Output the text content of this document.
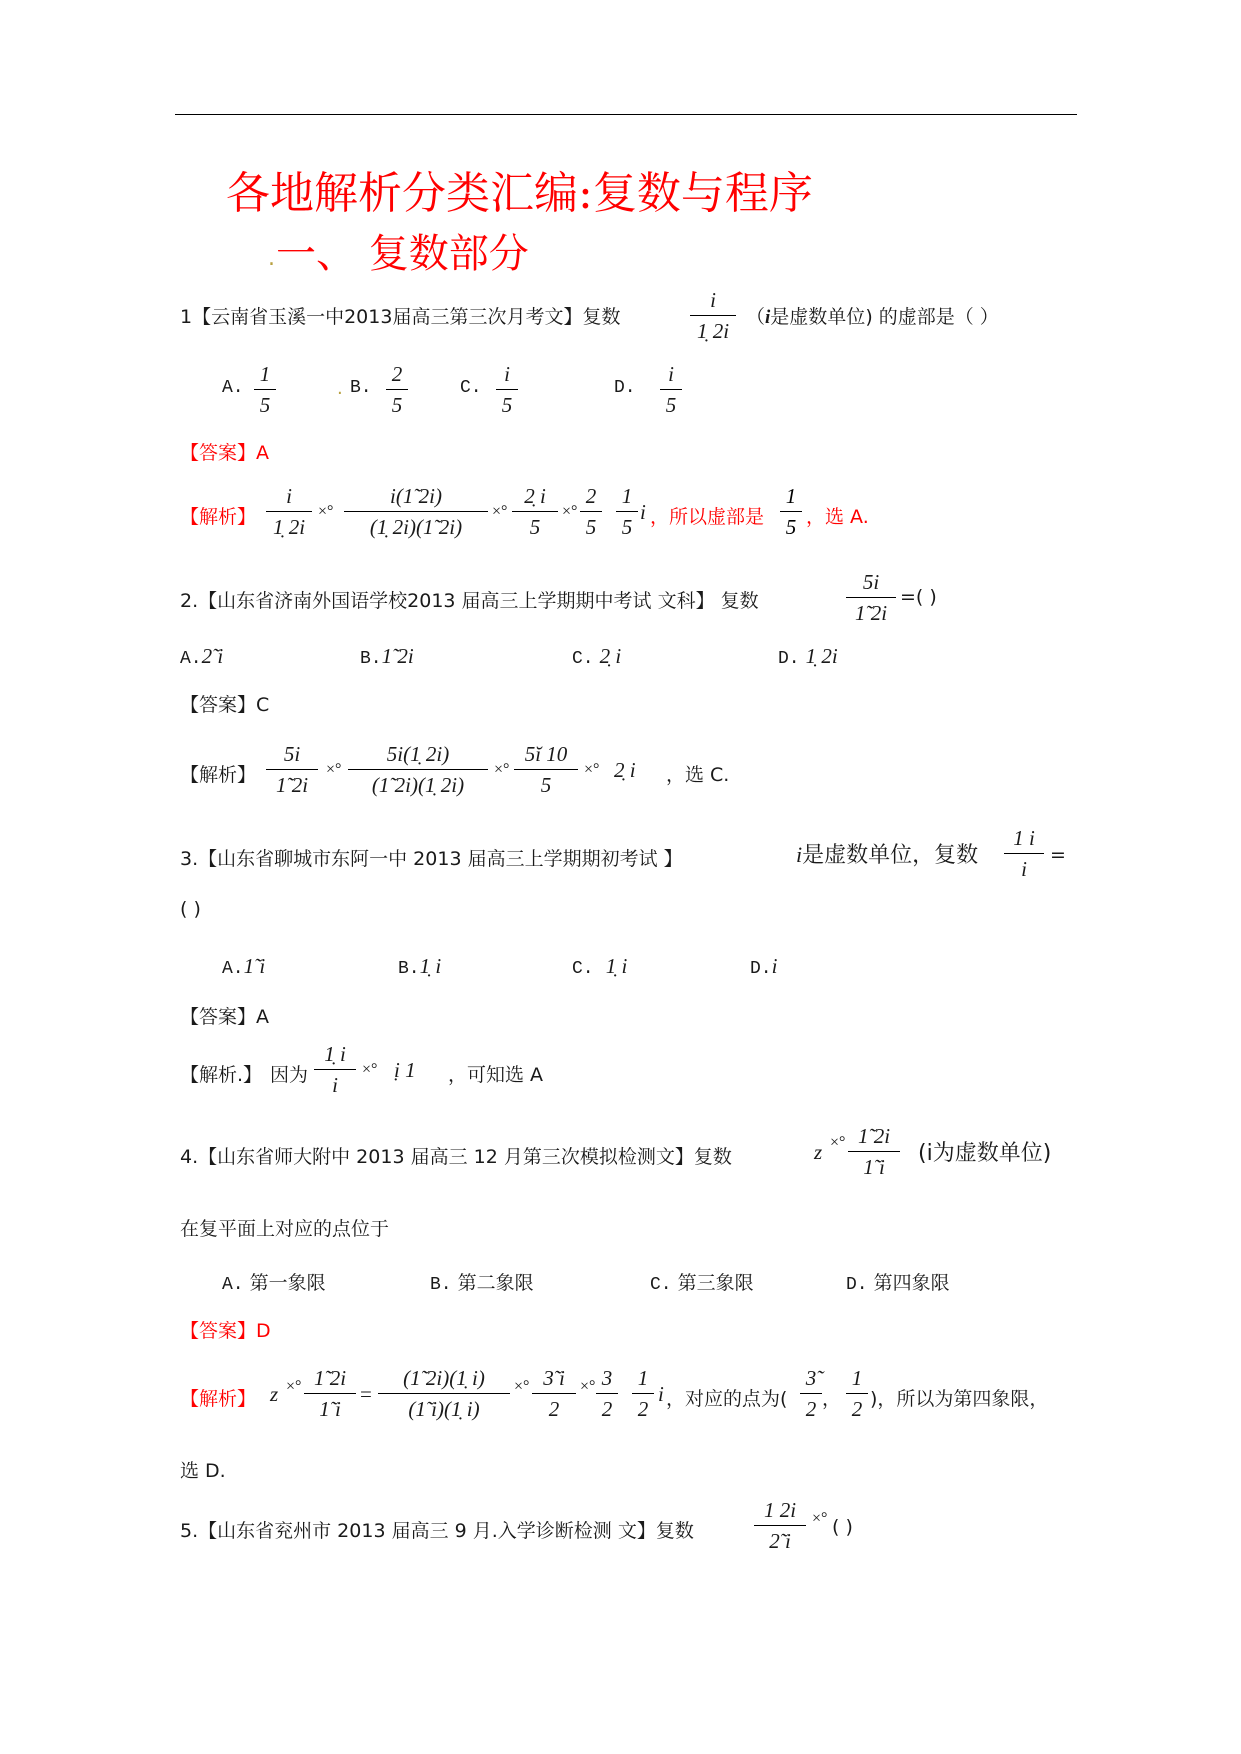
各地解析分类汇编:复数与程序
. 一、 复数部分
1【云南省玉溪一中2013届高三第三次月考文】复数
i
1̣ 2i
（i是虚数单位) 的虚部是（ ）
A.
1
5
. B.
2
5
C.
i
5
D.
i
5
【答案】A
【解析】
i
1̣ 2i
×°
i(1̃ 2i)
(1̣ 2i)(1̃ 2i)
×°
2̣ i
5
×°
2
5
1
5
i ，所以虚部是
1
5 ，选 A.
2.【山东省济南外国语学校2013 届高三上学期期中考试 文科】 复数
5i
1̃ 2i
=( )
A.2̃ i	B.1̃ 2i	C. 2̣ i	D. 1̣ 2i
【答案】C
【解析】
5i
1̃ 2i
×°
5i(1̣ 2i)
(1̃ 2i)(1̣ 2i)
×°
5ĭ 10
5
×° 2̣ i ，选 C.
3.【山东省聊城市东阿一中 2013 届高三上学期期初考试 】	i是虚数单位，复数
1 i
i
=
( )
A.1̃ i	B.1̣ i	C. 1̣ i	D.i
【答案】A
【解析.】 因为
1̣ i
i
×° ị 1 ，可知选 A
4.【山东省师大附中 2013 届高三 12 月第三次模拟检测文】复数	z ×° 1̃ 2i
1̃ i
(i为虚数单位)
在复平面上对应的点位于
A. 第一象限	B. 第二象限	C. 第三象限	D. 第四象限
【答案】D
【解析】 z ×° 1̃ 2i
1̃ i
=
(1̃ 2i)(1̣ i)
(1̃ i)(1̣ i)
×° 3̃ i
2
×° 3
2
1
2
i ，对应的点为(
3̃
2 ，
1
2 )，所以为第四象限，
选 D.
5.【山东省兖州市 2013 届高三 9 月.入学诊断检测 文】复数
1 2i
2̃ i
×° ( )
